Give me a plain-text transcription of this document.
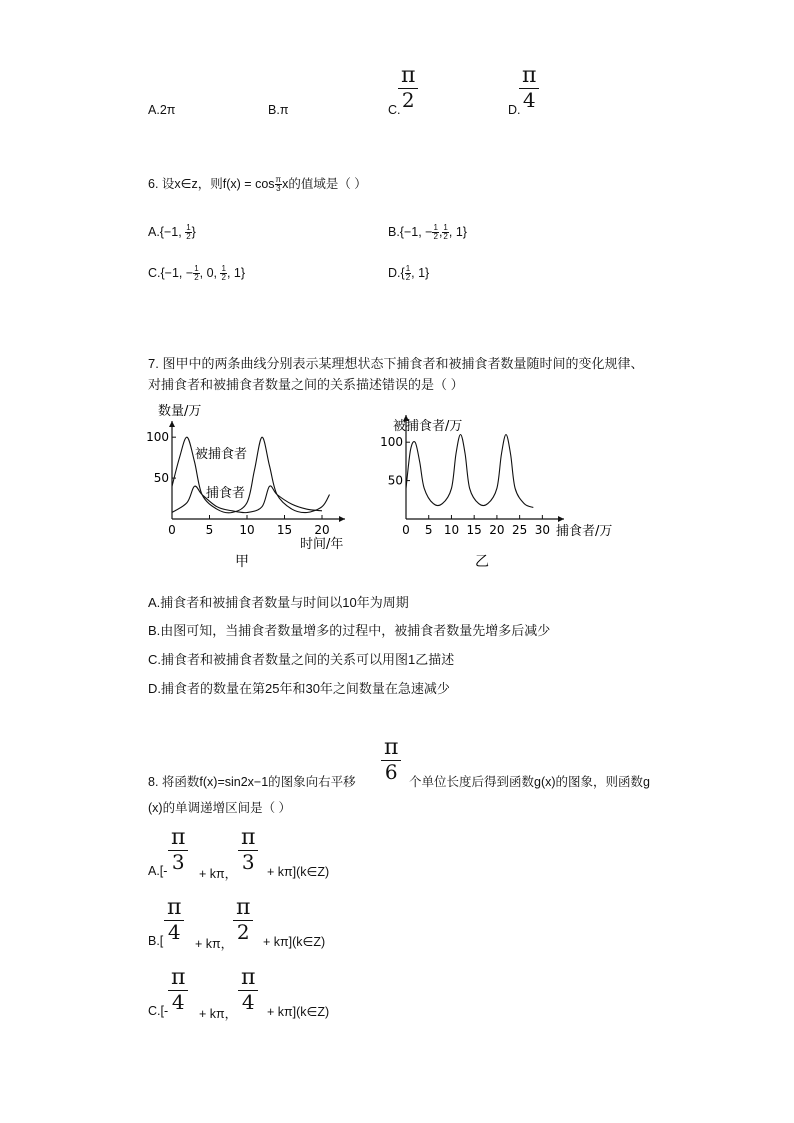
A.2π	B.π	C.
π
2	D.
π
4
6. 设x∈z，则$f(x) = \cos \frac{\pi}{3}$ x的值域是（ ）
A.{−1, $\frac{1}{2}$ }	B.{−1, − $\frac{1}{2}$ , $\frac{1}{2}$ , 1}
C.{−1, − $\frac{1}{2}$ , 0, $\frac{1}{2}$ , 1}	$D.\{ \frac{1}{2}$ , 1}
7. 图甲中的两条曲线分别表示某理想状态下捕食者和被捕食者数量随时间的变化规律、
对捕食者和被捕食者数量之间的关系描述错误的是（ ）
0 5 10 15 20
50
100
数量/万
时间/年
甲
被捕食者
捕食者
0 5 10 15 20 25 30
50
100
被捕食者/万
捕食者/万
乙
A.捕食者和被捕食者数量与时间以10年为周期
B.由图可知，当捕食者数量增多的过程中，被捕食者数量先增多后减少
C.捕食者和被捕食者数量之间的关系可以用图1乙描述
D.捕食者的数量在第25年和30年之间数量在急速减少
8. 将函数f(x)=sin2x−1的图象向右平移
π
6 个单位长度后得到函数g(x)的图象，则函数g
(x)的单调递增区间是（ ）
A.[-
π
3	+ kπ，
π
3 + kπ](k∈Z)
B.[
π
4	+ kπ，
π
2	+ kπ](k∈Z)
C.[-
π
4	+ kπ，
π
4 + kπ](k∈Z)
